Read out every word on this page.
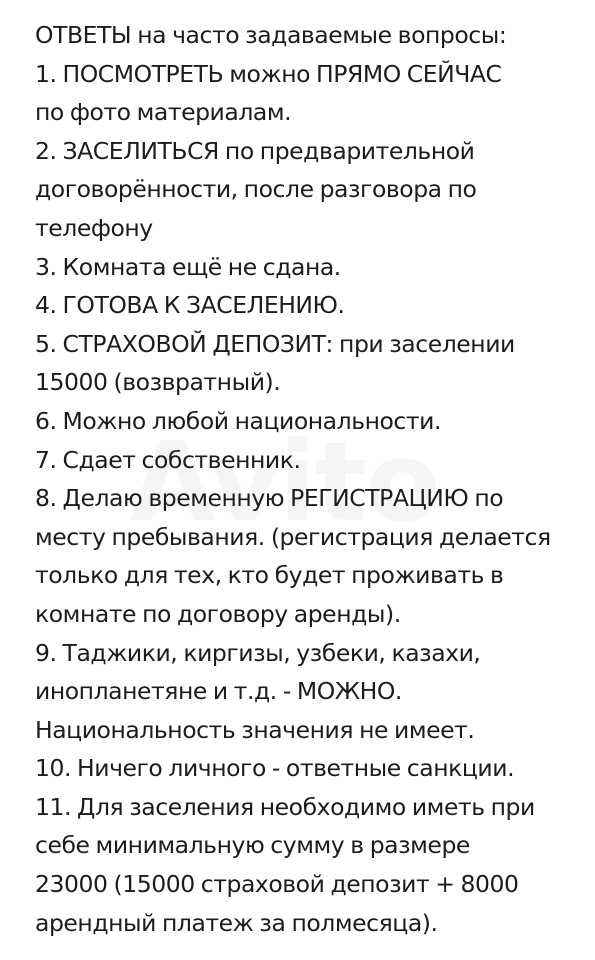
ОТВЕТЫ на часто задаваемые вопросы:
1. ПОСМОТРЕТЬ можно ПРЯМО СЕЙЧАС
по фото материалам.
2. ЗАСЕЛИТЬСЯ по предварительной
договорённости, после разговора по
телефону
3. Комната ещё не сдана.
4. ГОТОВА К ЗАСЕЛЕНИЮ.
5. СТРАХОВОЙ ДЕПОЗИТ: при заселении
15000 (возвратный).
6. Можно любой национальности.
7. Сдает собственник.
8. Делаю временную РЕГИСТРАЦИЮ по
месту пребывания. (регистрация делается
только для тех, кто будет проживать в
комнате по договору аренды).
9. Таджики, киргизы, узбеки, казахи,
инопланетяне и т.д. - МОЖНО.
Национальность значения не имеет.
10. Ничего личного - ответные санкции.
11. Для заселения необходимо иметь при
себе минимальную сумму в размере
23000 (15000 страховой депозит + 8000
арендный платеж за полмесяца).
